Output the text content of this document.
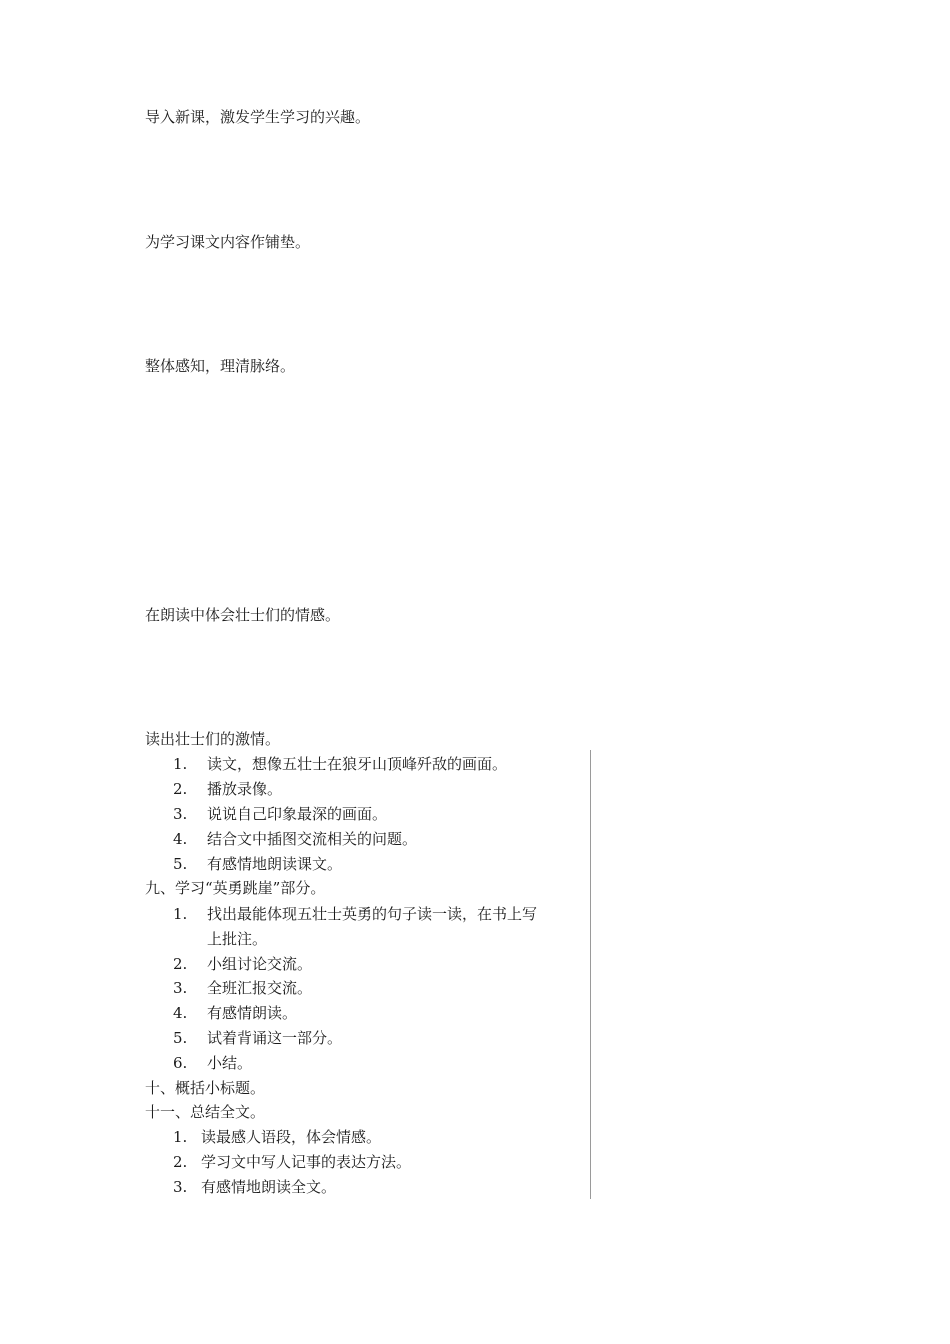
导入新课，激发学生学习的兴趣。
为学习课文内容作铺垫。
整体感知，理清脉络。
在朗读中体会壮士们的情感。
读出壮士们的激情。
1. 读文，想像五壮士在狼牙山顶峰歼敌的画面。
2. 播放录像。
3. 说说自己印象最深的画面。
4. 结合文中插图交流相关的问题。
5. 有感情地朗读课文。
九、学习“英勇跳崖”部分。
1. 找出最能体现五壮士英勇的句子读一读，在书上写
上批注。
2. 小组讨论交流。
3. 全班汇报交流。
4. 有感情朗读。
5. 试着背诵这一部分。
6. 小结。
十、概括小标题。
十一、总结全文。
1. 读最感人语段，体会情感。
2. 学习文中写人记事的表达方法。
3. 有感情地朗读全文。
